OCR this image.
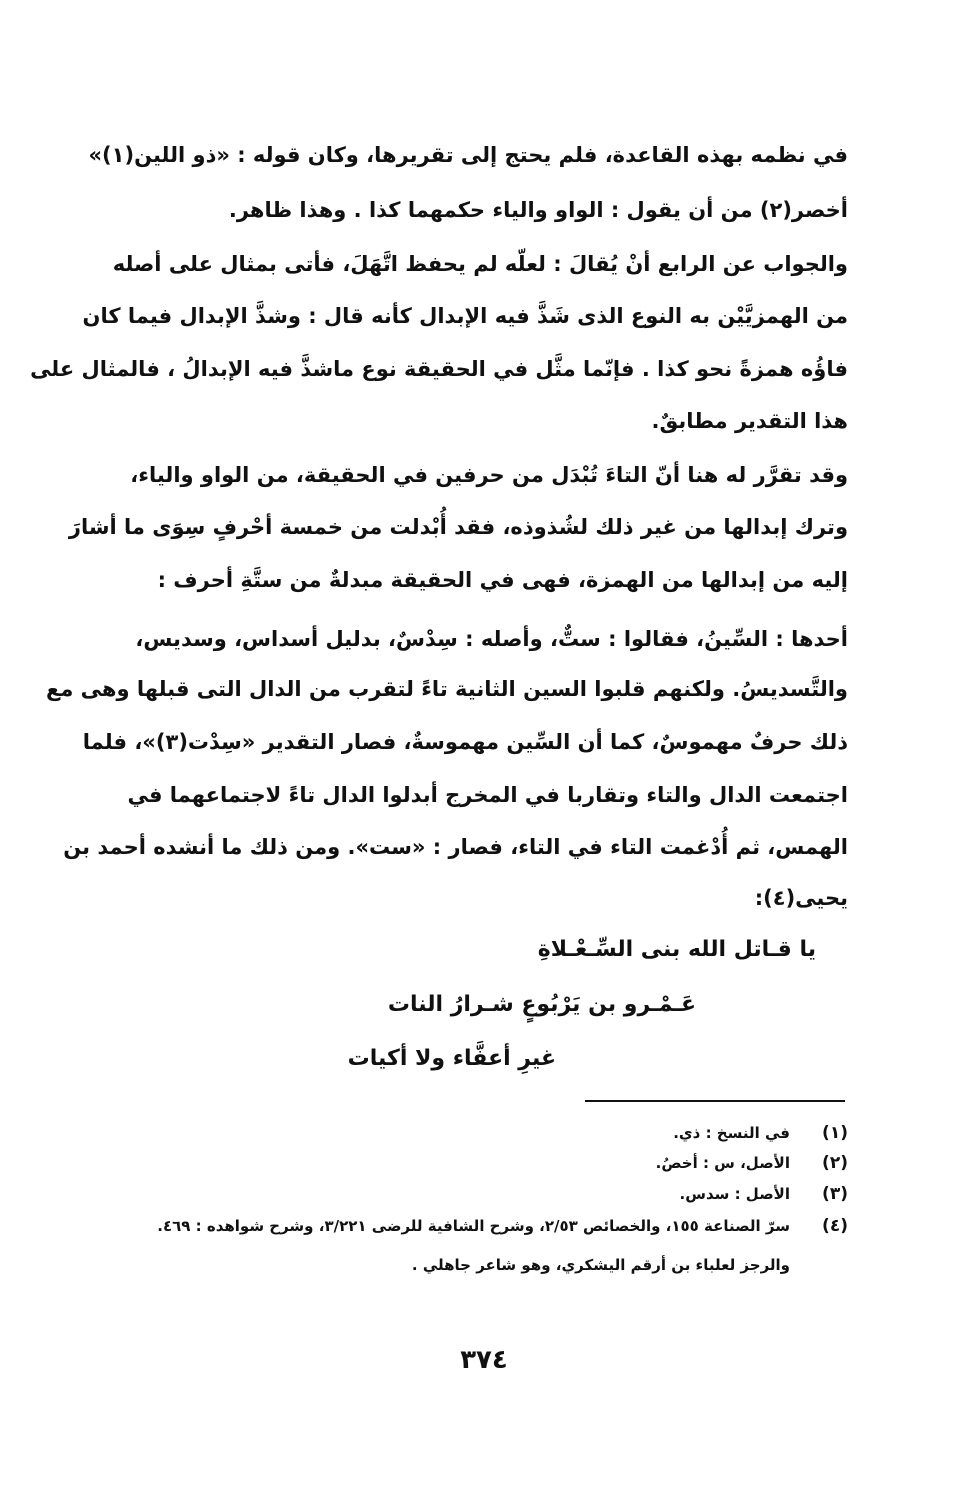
في نظمه بهذه القاعدة، فلم يحتج إلى تقريرها، وكان قوله : «ذو اللين(١)»
أخصر(٢) من أن يقول : الواو والياء حكمهما كذا . وهذا ظاهر.
والجواب عن الرابع أنْ يُقالَ : لعلّه لم يحفظ اتَّهَلَ، فأتى بمثال على أصله
من الهمزيَّيْن به النوع الذى شَذَّ فيه الإبدال كأنه قال : وشذَّ الإبدال فيما كان
فاؤُه همزةً نحو كذا . فإنّما مثَّل في الحقيقة نوع ماشذَّ فيه الإبدالُ ، فالمثال على
هذا التقدير مطابقٌ.
وقد تقرَّر له هنا أنّ التاءَ تُبْدَل من حرفين في الحقيقة، من الواو والياء،
وترك إبدالها من غير ذلك لشُذوذه، فقد أُبْدلت من خمسة أحْرفٍ سِوَى ما أشارَ
إليه من إبدالها من الهمزة، فهى في الحقيقة مبدلةٌ من ستَّةِ أحرف :
أحدها : السِّينُ، فقالوا : ستٌّ، وأصله : سِدْسٌ، بدليل أسداس، وسديس،
والتَّسديسُ. ولكنهم قلبوا السين الثانية تاءً لتقرب من الدال التى قبلها وهى مع
ذلك حرفٌ مهموسٌ، كما أن السِّين مهموسةٌ، فصار التقدير «سِدْت(٣)»، فلما
اجتمعت الدال والتاء وتقاربا في المخرج أبدلوا الدال تاءً لاجتماعهما في
الهمس، ثم أُدْغمت التاء في التاء، فصار : «ست». ومن ذلك ما أنشده أحمد بن
يحيى(٤):
يا قـاتل الله بنى السِّـعْـلاةِ
عَـمْـرو بن يَرْبُوعٍ شـرارُ النات
غيرِ أعفَّاء ولا أكيات
(١)
في النسخ : ذي.
(٢)
الأصل، س : أخصُ.
(٣)
الأصل : سدس.
(٤)
سرّ الصناعة ١٥٥، والخصائص ٢/٥٣، وشرح الشافية للرضى ٣/٢٢١، وشرح شواهده : ٤٦٩.
والرجز لعلباء بن أرقم اليشكري، وهو شاعر جاهلي .
٣٧٤
